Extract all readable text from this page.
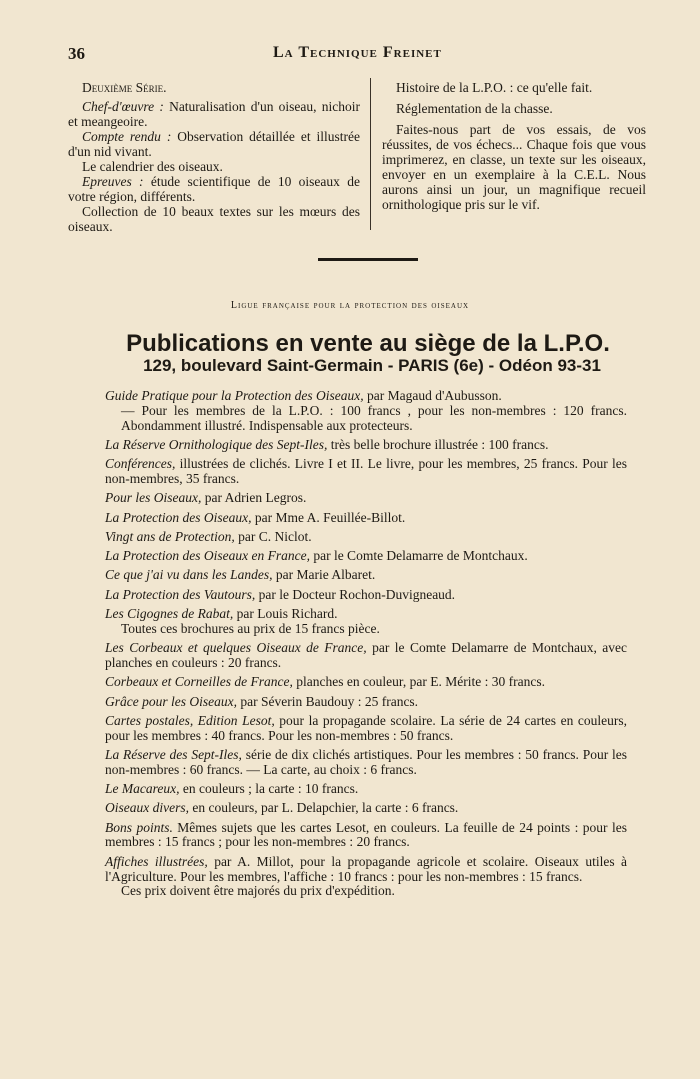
36	La Technique Freinet

Deuxième Série.

Chef-d'œuvre : Naturalisation d'un oiseau, nichoir et meangeoire.

Compte rendu : Observation détaillée et illustrée d'un nid vivant.

Le calendrier des oiseaux.

Epreuves : étude scientifique de 10 oiseaux de votre région, différents.

Collection de 10 beaux textes sur les mœurs des oiseaux.

Histoire de la L.P.O. : ce qu'elle fait.

Réglementation de la chasse.

Faites-nous part de vos essais, de vos réussites, de vos échecs... Chaque fois que vous imprimerez, en classe, un texte sur les oiseaux, envoyer en un exemplaire à la C.E.L. Nous aurons ainsi un jour, un magnifique recueil ornithologique pris sur le vif.

Ligue française pour la protection des oiseaux
Publications en vente au siège de la L.P.O.
129, boulevard Saint-Germain - PARIS (6e) - Odéon 93-31
Guide Pratique pour la Protection des Oiseaux, par Magaud d'Aubusson.
— Pour les membres de la L.P.O. : 100 francs , pour les non-membres : 120 francs. Abondamment illustré. Indispensable aux protecteurs.
La Réserve Ornithologique des Sept-Iles, très belle brochure illustrée : 100 francs.
Conférences, illustrées de clichés. Livre I et II. Le livre, pour les membres, 25 francs. Pour les non-membres, 35 francs.
Pour les Oiseaux, par Adrien Legros.
La Protection des Oiseaux, par Mme A. Feuillée-Billot.
Vingt ans de Protection, par C. Niclot.
La Protection des Oiseaux en France, par le Comte Delamarre de Montchaux.
Ce que j'ai vu dans les Landes, par Marie Albaret.
La Protection des Vautours, par le Docteur Rochon-Duvigneaud.
Les Cigognes de Rabat, par Louis Richard.
Toutes ces brochures au prix de 15 francs pièce.
Les Corbeaux et quelques Oiseaux de France, par le Comte Delamarre de Montchaux, avec planches en couleurs : 20 francs.
Corbeaux et Corneilles de France, planches en couleur, par E. Mérite : 30 francs.
Grâce pour les Oiseaux, par Séverin Baudouy : 25 francs.
Cartes postales, Edition Lesot, pour la propagande scolaire. La série de 24 cartes en couleurs, pour les membres : 40 francs. Pour les non-membres : 50 francs.
La Réserve des Sept-Iles, série de dix clichés artistiques. Pour les membres : 50 francs. Pour les non-membres : 60 francs. — La carte, au choix : 6 francs.
Le Macareux, en couleurs ; la carte : 10 francs.
Oiseaux divers, en couleurs, par L. Delapchier, la carte : 6 francs.
Bons points. Mêmes sujets que les cartes Lesot, en couleurs. La feuille de 24 points : pour les membres : 15 francs ; pour les non-membres : 20 francs.
Affiches illustrées, par A. Millot, pour la propagande agricole et scolaire. Oiseaux utiles à l'Agriculture. Pour les membres, l'affiche : 10 francs : pour les non-membres : 15 francs.
Ces prix doivent être majorés du prix d'expédition.
